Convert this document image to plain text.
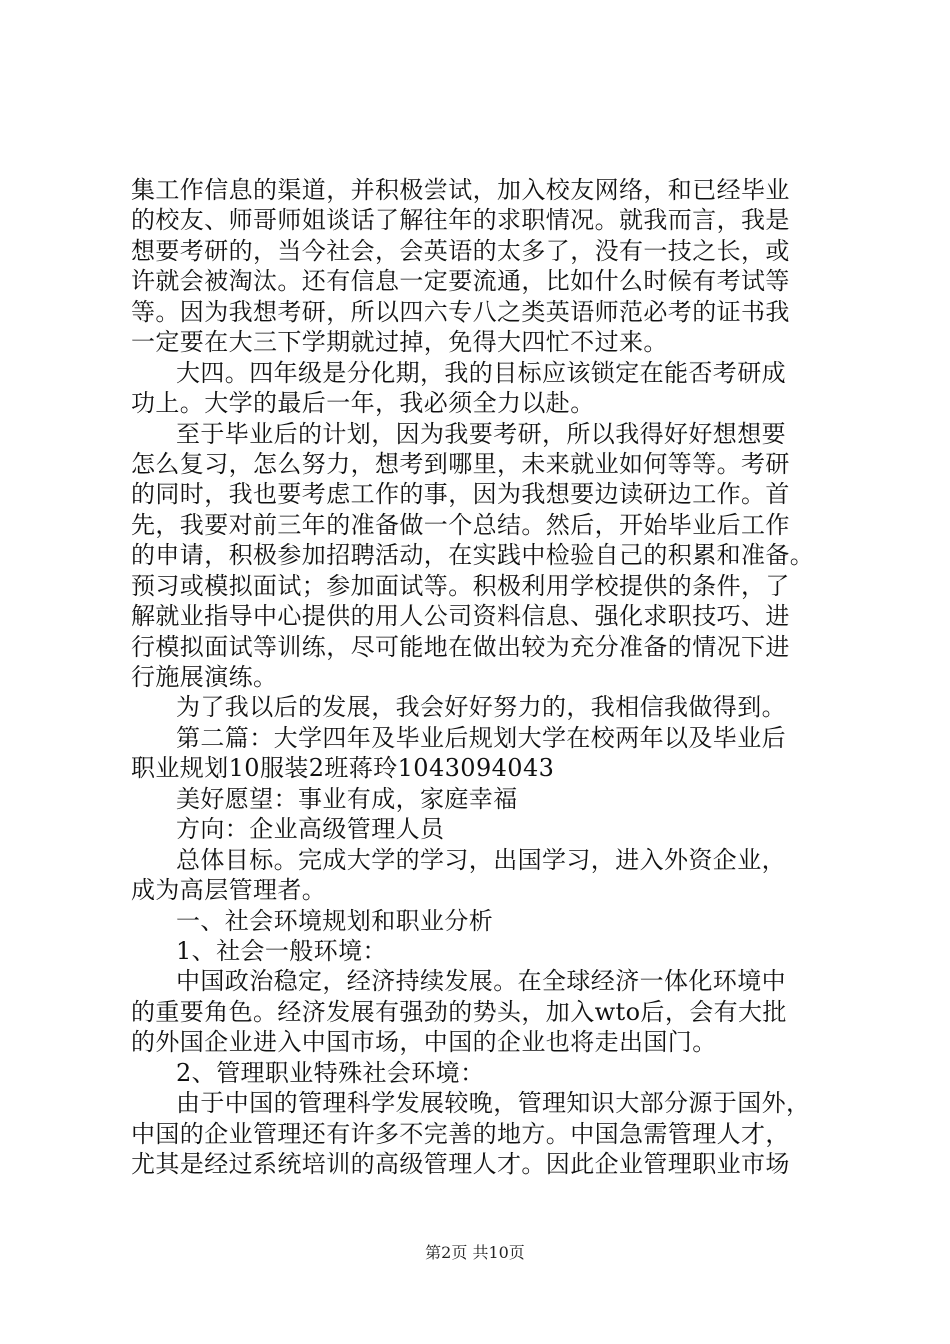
集工作信息的渠道，并积极尝试，加入校友网络，和已经毕业
的校友、师哥师姐谈话了解往年的求职情况。就我而言，我是
想要考研的，当今社会，会英语的太多了，没有一技之长，或
许就会被淘汰。还有信息一定要流通，比如什么时候有考试等
等。因为我想考研，所以四六专八之类英语师范必考的证书我
一定要在大三下学期就过掉，免得大四忙不过来。
大四。四年级是分化期，我的目标应该锁定在能否考研成
功上。大学的最后一年，我必须全力以赴。
至于毕业后的计划，因为我要考研，所以我得好好想想要
怎么复习，怎么努力，想考到哪里，未来就业如何等等。考研
的同时，我也要考虑工作的事，因为我想要边读研边工作。首
先，我要对前三年的准备做一个总结。然后，开始毕业后工作
的申请，积极参加招聘活动，在实践中检验自己的积累和准备。
预习或模拟面试；参加面试等。积极利用学校提供的条件，了
解就业指导中心提供的用人公司资料信息、强化求职技巧、进
行模拟面试等训练，尽可能地在做出较为充分准备的情况下进
行施展演练。
为了我以后的发展，我会好好努力的，我相信我做得到。
第二篇：大学四年及毕业后规划大学在校两年以及毕业后
职业规划10服装2班蒋玲1043094043
美好愿望：事业有成，家庭幸福
方向：企业高级管理人员
总体目标。完成大学的学习，出国学习，进入外资企业，
成为高层管理者。
一、社会环境规划和职业分析
1、社会一般环境：
中国政治稳定，经济持续发展。在全球经济一体化环境中
的重要角色。经济发展有强劲的势头，加入wto后，会有大批
的外国企业进入中国市场，中国的企业也将走出国门。
2、管理职业特殊社会环境：
由于中国的管理科学发展较晚，管理知识大部分源于国外，
中国的企业管理还有许多不完善的地方。中国急需管理人才，
尤其是经过系统培训的高级管理人才。因此企业管理职业市场
第2页 共10页
